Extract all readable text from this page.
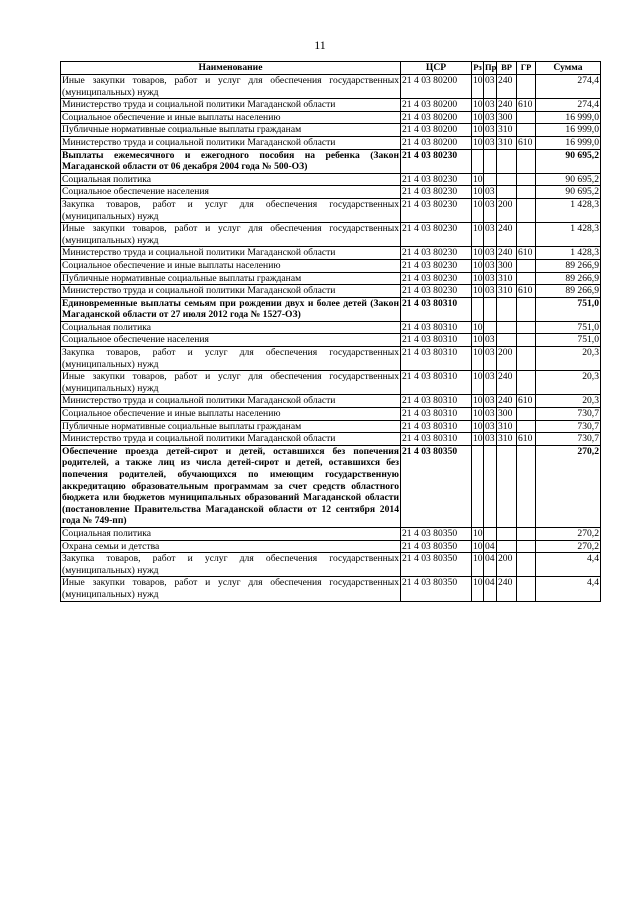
11
Наименование	ЦСР	Рз	Пр	ВР	ГР	Сумма
Иные закупки товаров, работ и услуг для обеспечения государственных (муниципальных) нужд	21 4 03 80200	10	03	240		274,4
Министерство труда и социальной политики Магаданской области	21 4 03 80200	10	03	240	610	274,4
Социальное обеспечение и иные выплаты населению	21 4 03 80200	10	03	300		16 999,0
Публичные нормативные социальные выплаты гражданам	21 4 03 80200	10	03	310		16 999,0
Министерство труда и социальной политики Магаданской области	21 4 03 80200	10	03	310	610	16 999,0
Выплаты ежемесячного и ежегодного пособия на ребенка (Закон Магаданской области от 06 декабря 2004 года № 500-ОЗ)	21 4 03 80230					90 695,2
Социальная политика	21 4 03 80230	10				90 695,2
Социальное обеспечение населения	21 4 03 80230	10	03			90 695,2
Закупка товаров, работ и услуг для обеспечения государственных (муниципальных) нужд	21 4 03 80230	10	03	200		1 428,3
Иные закупки товаров, работ и услуг для обеспечения государственных (муниципальных) нужд	21 4 03 80230	10	03	240		1 428,3
Министерство труда и социальной политики Магаданской области	21 4 03 80230	10	03	240	610	1 428,3
Социальное обеспечение и иные выплаты населению	21 4 03 80230	10	03	300		89 266,9
Публичные нормативные социальные выплаты гражданам	21 4 03 80230	10	03	310		89 266,9
Министерство труда и социальной политики Магаданской области	21 4 03 80230	10	03	310	610	89 266,9
Единовременные выплаты семьям при рождении двух и более детей (Закон Магаданской области от 27 июля 2012 года № 1527-ОЗ)	21 4 03 80310					751,0
Социальная политика	21 4 03 80310	10				751,0
Социальное обеспечение населения	21 4 03 80310	10	03			751,0
Закупка товаров, работ и услуг для обеспечения государственных (муниципальных) нужд	21 4 03 80310	10	03	200		20,3
Иные закупки товаров, работ и услуг для обеспечения государственных (муниципальных) нужд	21 4 03 80310	10	03	240		20,3
Министерство труда и социальной политики Магаданской области	21 4 03 80310	10	03	240	610	20,3
Социальное обеспечение и иные выплаты населению	21 4 03 80310	10	03	300		730,7
Публичные нормативные социальные выплаты гражданам	21 4 03 80310	10	03	310		730,7
Министерство труда и социальной политики Магаданской области	21 4 03 80310	10	03	310	610	730,7
Обеспечение проезда детей-сирот и детей, оставшихся без попечения родителей, а также лиц из числа детей-сирот и детей, оставшихся без попечения родителей, обучающихся по имеющим государственную аккредитацию образовательным программам за счет средств областного бюджета или бюджетов муниципальных образований Магаданской области (постановление Правительства Магаданской области от 12 сентября 2014 года № 749-пп)	21 4 03 80350					270,2
Социальная политика	21 4 03 80350	10				270,2
Охрана семьи и детства	21 4 03 80350	10	04			270,2
Закупка товаров, работ и услуг для обеспечения государственных (муниципальных) нужд	21 4 03 80350	10	04	200		4,4
Иные закупки товаров, работ и услуг для обеспечения государственных (муниципальных) нужд	21 4 03 80350	10	04	240		4,4
